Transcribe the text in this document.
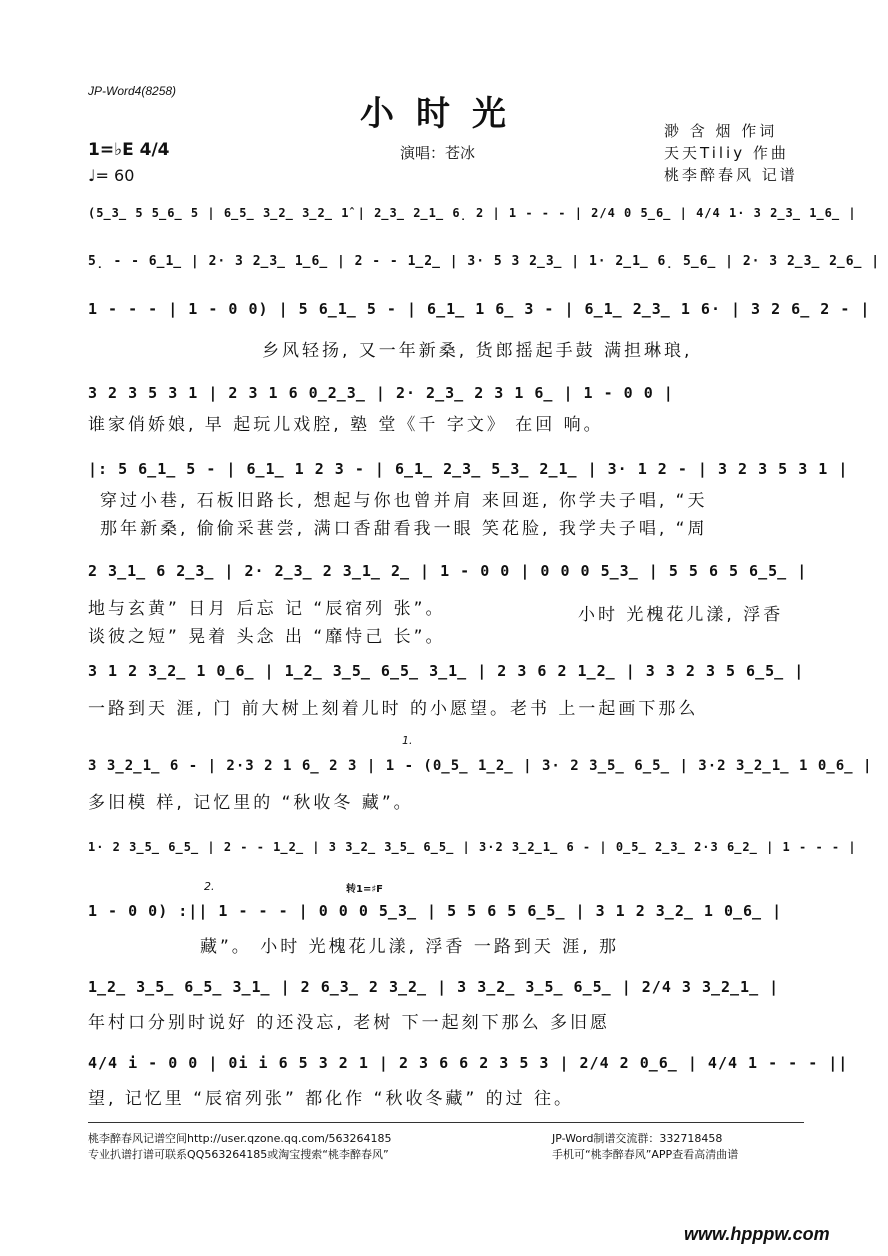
JP-Word4(8258)
小时光
1=♭E 4/4
♩= 60
演唱：苍冰
渺 含 烟 作词
天天Tiliy 作曲
桃李醉春风 记谱
(5̲3̲ 5 5̲6̲ 5 | 6̲5̲ 3̲2̲ 3̲2̲ 1̂ | 2̲3̲ 2̲1̲ 6̣ 2 | 1 - - - | 2/4 0 5̲6̲ | 4/4 1· 3 2̲3̲ 1̲6̲ |
5̣ - - 6̲1̲ | 2· 3 2̲3̲ 1̲6̲ | 2 - - 1̲2̲ | 3· 5 3 2̲3̲ | 1· 2̲1̲ 6̣ 5̲6̲ | 2· 3 2̲3̲ 2̲6̲ |
1 - - - | 1 - 0 0) | 5 6̲1̲ 5 - | 6̲1̲ 1 6̲ 3 - | 6̲1̲ 2̲3̲ 1 6· | 3 2 6̲ 2 - |
乡风轻扬, 又一年新桑, 货郎摇起手鼓 满担琳琅,
3 2 3 5 3 1 | 2 3 1 6 0̲2̲3̲ | 2· 2̲3̲ 2 3 1 6̲ | 1 - 0 0 |
谁家俏娇娘, 早 起玩儿戏腔, 塾 堂《千 字文》 在回 响。
|: 5 6̲1̲ 5 - | 6̲1̲ 1 2 3 - | 6̲1̲ 2̲3̲ 5̲3̲ 2̲1̲ | 3· 1 2 - | 3 2 3 5 3 1 |
穿过小巷, 石板旧路长, 想起与你也曾并肩 来回逛, 你学夫子唱, “天
那年新桑, 偷偷采葚尝, 满口香甜看我一眼 笑花脸, 我学夫子唱, “周
2 3̲1̲ 6 2̲3̲ | 2· 2̲3̲ 2 3̲1̲ 2̲ | 1 - 0 0 | 0 0 0 5̲3̲ | 5 5 6 5 6̲5̲ |
地与玄黄” 日月 后忘 记 “辰宿列 张”。
谈彼之短” 晃着 头念 出 “靡恃己 长”。
小时 光槐花儿漾, 浮香
3 1 2 3̲2̲ 1 0̲6̲ | 1̲2̲ 3̲5̲ 6̲5̲ 3̲1̲ | 2 3 6 2 1̲2̲ | 3 3 2 3 5 6̲5̲ |
一路到天 涯, 门 前大树上刻着儿时 的小愿望。老书 上一起画下那么
1.
3 3̲2̲1̲ 6 - | 2·3 2 1 6̲ 2 3 | 1 - (0̲5̲ 1̲2̲ | 3· 2 3̲5̲ 6̲5̲ | 3·2 3̲2̲1̲ 1 0̲6̲ |
多旧模 样, 记忆里的 “秋收冬 藏”。
1· 2 3̲5̲ 6̲5̲ | 2 - - 1̲2̲ | 3 3̲2̲ 3̲5̲ 6̲5̲ | 3·2 3̲2̲1̲ 6 - | 0̲5̲ 2̲3̲ 2·3 6̲2̲ | 1 - - - |
2.	转1=♯F
1 - 0 0) :|| 1 - - - | 0 0 0 5̲3̲ | 5 5 6 5 6̲5̲ | 3 1 2 3̲2̲ 1 0̲6̲ |
藏”。 小时 光槐花儿漾, 浮香 一路到天 涯, 那
1̲2̲ 3̲5̲ 6̲5̲ 3̲1̲ | 2 6̲3̲ 2 3̲2̲ | 3 3̲2̲ 3̲5̲ 6̲5̲ | 2/4 3 3̲2̲1̲ |
年村口分别时说好 的还没忘, 老树 下一起刻下那么 多旧愿
4/4 i - 0 0 | 0i i 6 5 3 2 1 | 2 3 6 6 2 3 5 3 | 2/4 2 0̲6̲ | 4/4 1 - - - ||
望, 记忆里 “辰宿列张” 都化作 “秋收冬藏” 的过 往。
桃李醉春风记谱空间http://user.qzone.qq.com/563264185
专业扒谱打谱可联系QQ563264185或淘宝搜索“桃李醉春风”
JP-Word制谱交流群：332718458
手机可“桃李醉春风”APP查看高清曲谱
www.hpppw.com
